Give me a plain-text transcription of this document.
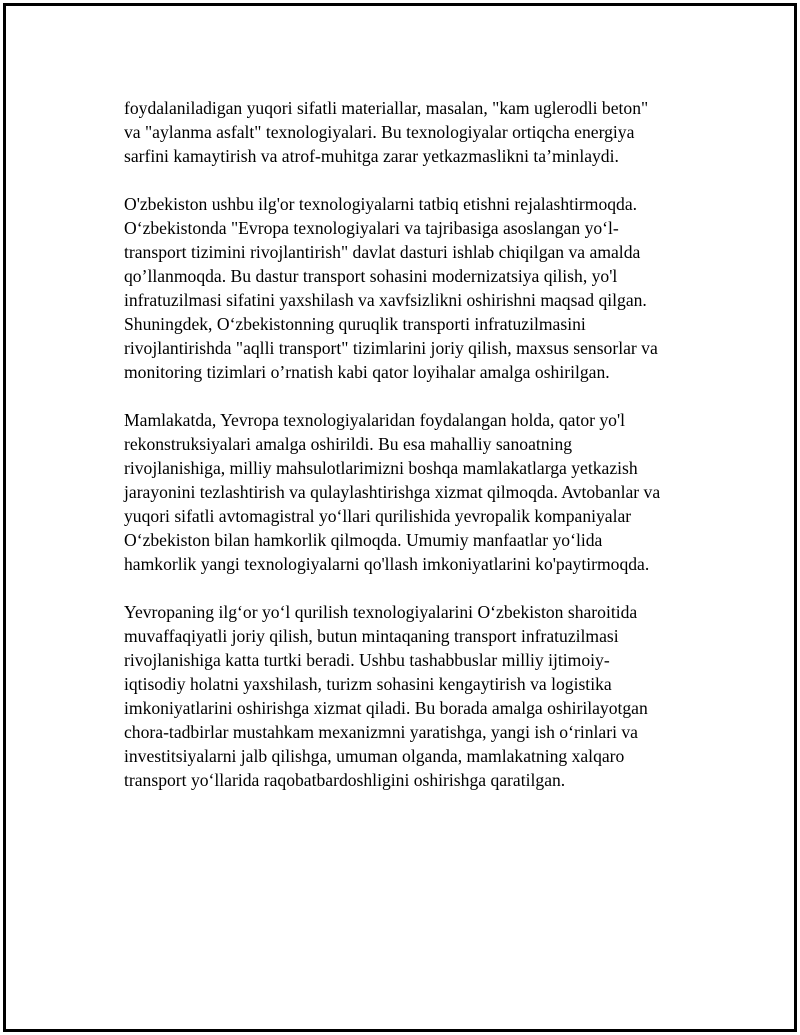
foydalaniladigan yuqori sifatli materiallar, masalan, "kam uglerodli beton"
va "aylanma asfalt" texnologiyalari. Bu texnologiyalar ortiqcha energiya
sarfini kamaytirish va atrof-muhitga zarar yetkazmaslikni ta’minlaydi.

O'zbekiston ushbu ilg'or texnologiyalarni tatbiq etishni rejalashtirmoqda.
O‘zbekistonda "Evropa texnologiyalari va tajribasiga asoslangan yo‘l-
transport tizimini rivojlantirish" davlat dasturi ishlab chiqilgan va amalda
qo’llanmoqda. Bu dastur transport sohasini modernizatsiya qilish, yo'l
infratuzilmasi sifatini yaxshilash va xavfsizlikni oshirishni maqsad qilgan.
Shuningdek, O‘zbekistonning quruqlik transporti infratuzilmasini
rivojlantirishda "aqlli transport" tizimlarini joriy qilish, maxsus sensorlar va
monitoring tizimlari o’rnatish kabi qator loyihalar amalga oshirilgan.

Mamlakatda, Yevropa texnologiyalaridan foydalangan holda, qator yo'l
rekonstruksiyalari amalga oshirildi. Bu esa mahalliy sanoatning
rivojlanishiga, milliy mahsulotlarimizni boshqa mamlakatlarga yetkazish
jarayonini tezlashtirish va qulaylashtirishga xizmat qilmoqda. Avtobanlar va
yuqori sifatli avtomagistral yo‘llari qurilishida yevropalik kompaniyalar
O‘zbekiston bilan hamkorlik qilmoqda. Umumiy manfaatlar yo‘lida
hamkorlik yangi texnologiyalarni qo'llash imkoniyatlarini ko'paytirmoqda.

Yevropaning ilg‘or yo‘l qurilish texnologiyalarini O‘zbekiston sharoitida
muvaffaqiyatli joriy qilish, butun mintaqaning transport infratuzilmasi
rivojlanishiga katta turtki beradi. Ushbu tashabbuslar milliy ijtimoiy-
iqtisodiy holatni yaxshilash, turizm sohasini kengaytirish va logistika
imkoniyatlarini oshirishga xizmat qiladi. Bu borada amalga oshirilayotgan
chora-tadbirlar mustahkam mexanizmni yaratishga, yangi ish o‘rinlari va
investitsiyalarni jalb qilishga, umuman olganda, mamlakatning xalqaro
transport yo‘llarida raqobatbardoshligini oshirishga qaratilgan.
